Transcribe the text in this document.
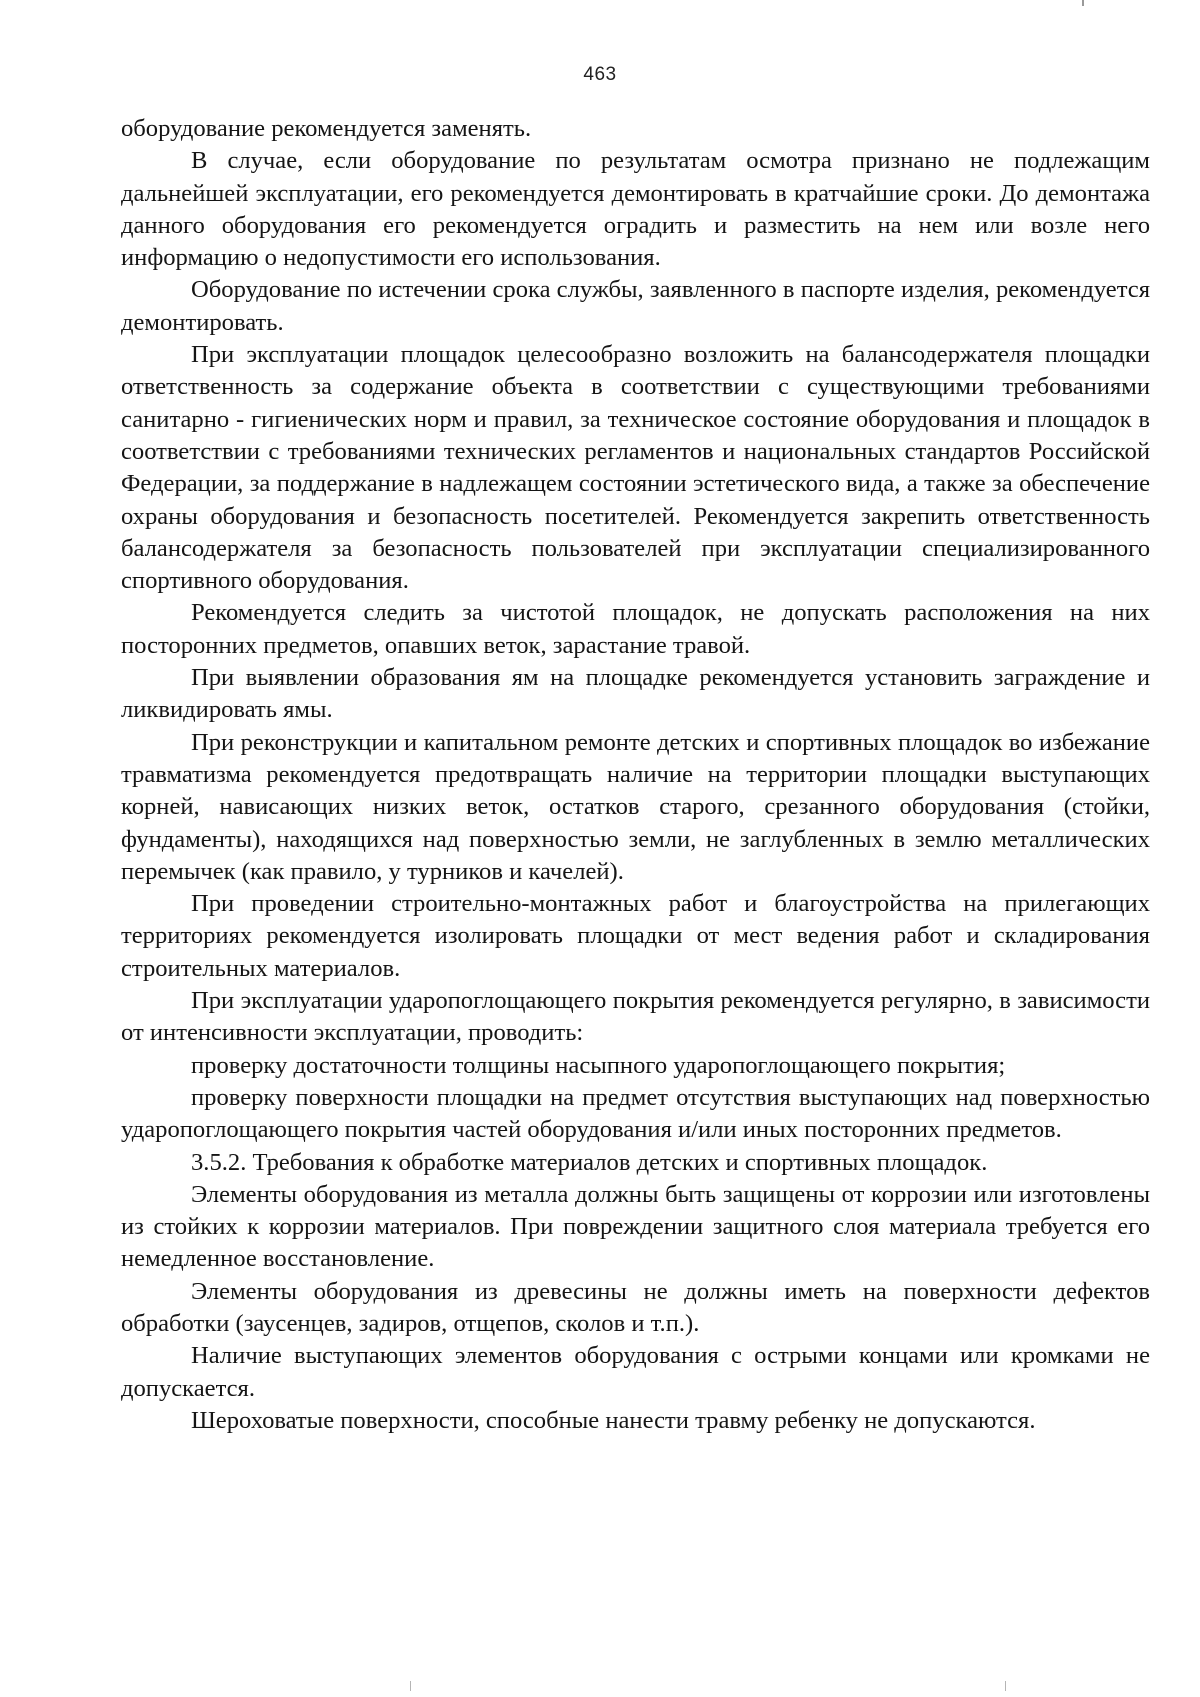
463

оборудование рекомендуется заменять.

В случае, если оборудование по результатам осмотра признано не подлежащим дальнейшей эксплуатации, его рекомендуется демонтировать в кратчайшие сроки. До демонтажа данного оборудования его рекомендуется оградить и разместить на нем или возле него информацию о недопустимости его использования.

Оборудование по истечении срока службы, заявленного в паспорте изделия, рекомендуется демонтировать.

При эксплуатации площадок целесообразно возложить на балансодержателя площадки ответственность за содержание объекта в соответствии с существующими требованиями санитарно - гигиенических норм и правил, за техническое состояние оборудования и площадок в соответствии с требованиями технических регламентов и национальных стандартов Российской Федерации, за поддержание в надлежащем состоянии эстетического вида, а также за обеспечение охраны оборудования и безопасность посетителей. Рекомендуется закрепить ответственность балансодержателя за безопасность пользователей при эксплуатации специализированного спортивного оборудования.

Рекомендуется следить за чистотой площадок, не допускать расположения на них посторонних предметов, опавших веток, зарастание травой.

При выявлении образования ям на площадке рекомендуется установить заграждение и ликвидировать ямы.

При реконструкции и капитальном ремонте детских и спортивных площадок во избежание травматизма рекомендуется предотвращать наличие на территории площадки выступающих корней, нависающих низких веток, остатков старого, срезанного оборудования (стойки, фундаменты), находящихся над поверхностью земли, не заглубленных в землю металлических перемычек (как правило, у турников и качелей).

При проведении строительно-монтажных работ и благоустройства на прилегающих территориях рекомендуется изолировать площадки от мест ведения работ и складирования строительных материалов.

При эксплуатации ударопоглощающего покрытия рекомендуется регулярно, в зависимости от интенсивности эксплуатации, проводить:

проверку достаточности толщины насыпного ударопоглощающего покрытия;

проверку поверхности площадки на предмет отсутствия выступающих над поверхностью ударопоглощающего покрытия частей оборудования и/или иных посторонних предметов.

3.5.2. Требования к обработке материалов детских и спортивных площадок.

Элементы оборудования из металла должны быть защищены от коррозии или изготовлены из стойких к коррозии материалов. При повреждении защитного слоя материала требуется его немедленное восстановление.

Элементы оборудования из древесины не должны иметь на поверхности дефектов обработки (заусенцев, задиров, отщепов, сколов и т.п.).

Наличие выступающих элементов оборудования с острыми концами или кромками не допускается.

Шероховатые поверхности, способные нанести травму ребенку не допускаются.
